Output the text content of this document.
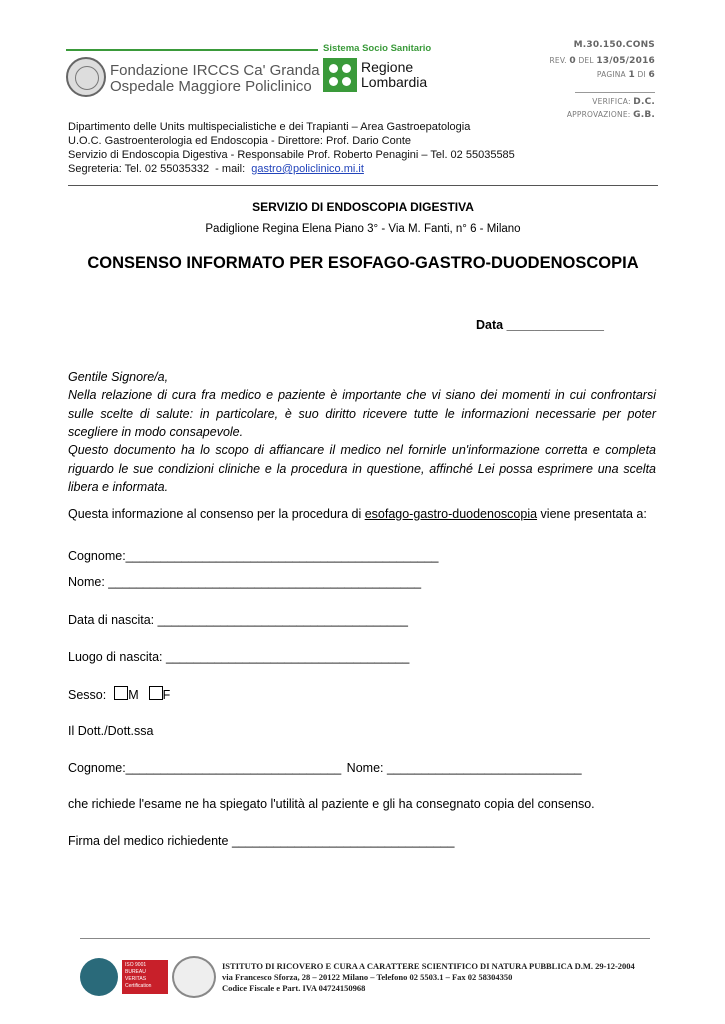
Sistema Socio Sanitario
Fondazione IRCCS Ca' Granda
Ospedale Maggiore Policlinico
Regione
Lombardia
M.30.150.CONS
REV. 0 DEL 13/05/2016
PAGINA 1 DI 6
VERIFICA: D.C.
APPROVAZIONE: G.B.
Dipartimento delle Units multispecialistiche e dei Trapianti – Area Gastroepatologia
U.O.C. Gastroenterologia ed Endoscopia - Direttore: Prof. Dario Conte
Servizio di Endoscopia Digestiva - Responsabile Prof. Roberto Penagini – Tel. 02 55035585
Segreteria: Tel. 02 55035332  - mail:  gastro@policlinico.mi.it
SERVIZIO DI ENDOSCOPIA DIGESTIVA
Padiglione Regina Elena Piano 3° - Via M. Fanti, n° 6 - Milano
CONSENSO INFORMATO PER ESOFAGO-GASTRO-DUODENOSCOPIA
Data ______________
Gentile Signore/a,
Nella relazione di cura fra medico e paziente è importante che vi siano dei momenti in cui confrontarsi sulle scelte di salute: in particolare, è suo diritto ricevere tutte le informazioni necessarie per poter scegliere in modo consapevole.
Questo documento ha lo scopo di affiancare il medico nel fornirle un'informazione corretta e completa riguardo le sue condizioni cliniche e la procedura in questione, affinché Lei possa esprimere una scelta libera e informata.
Questa informazione al consenso per la procedura di esofago-gastro-duodenoscopia viene presentata a:
Cognome:_____________________________________________
Nome: _____________________________________________
Data di nascita: ____________________________________
Luogo di nascita: ___________________________________
Sesso: M F
Il Dott./Dott.ssa
Cognome:_______________________________ Nome: ____________________________
che richiede l'esame ne ha spiegato l'utilità al paziente e gli ha consegnato copia del consenso.
Firma del medico richiedente ________________________________
ISO 9001
BUREAU VERITAS
Certification
ISTITUTO DI RICOVERO E CURA A CARATTERE SCIENTIFICO DI NATURA PUBBLICA D.M. 29-12-2004
via Francesco Sforza, 28 – 20122 Milano – Telefono 02 5503.1 – Fax 02 58304350
Codice Fiscale e Part. IVA 04724150968
